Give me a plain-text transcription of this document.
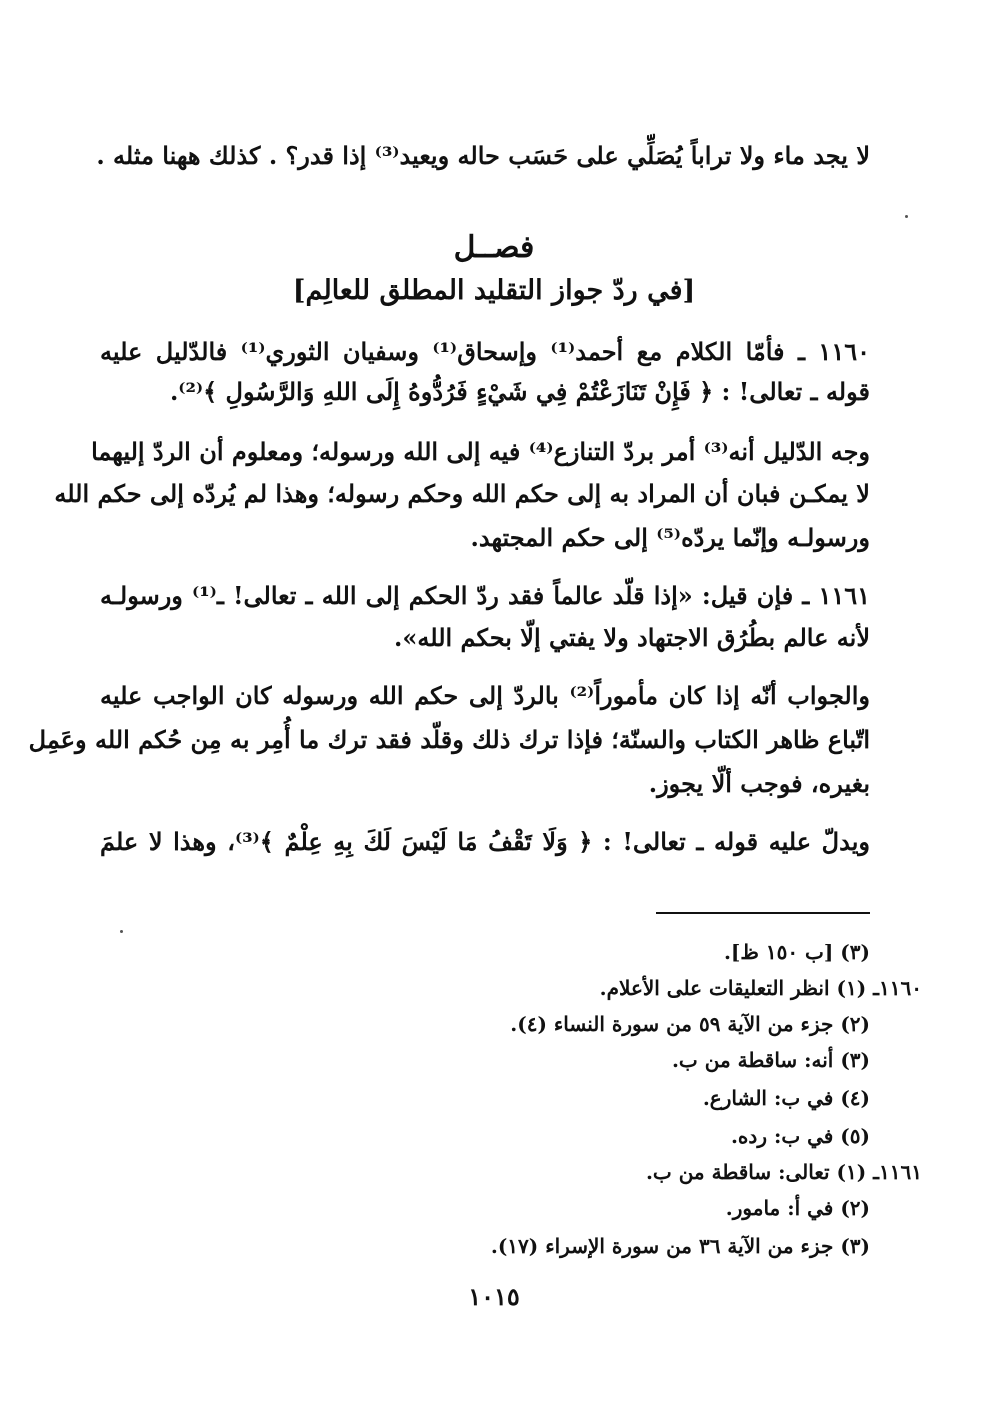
لا يجد ماء ولا تراباً يُصَلِّي على حَسَب حاله ويعيد⁽³⁾ إذا قدر؟ . كذلك ههنا مثله .
فصــل
[في ردّ جواز التقليد المطلق للعالِم]
١١٦٠ ـ فأمّا الكلام مع أحمد⁽¹⁾ وإسحاق⁽¹⁾ وسفيان الثوري⁽¹⁾ فالدّليل عليه
قوله ـ تعالى! : ﴿ فَإِنْ تَنَازَعْتُمْ فِي شَيْءٍ فَرُدُّوهُ إِلَى اللهِ وَالرَّسُولِ ﴾⁽²⁾.
وجه الدّليل أنه⁽³⁾ أمر بردّ التنازع⁽⁴⁾ فيه إلى الله ورسوله؛ ومعلوم أن الردّ إليهما
لا يمكـن فبان أن المراد به إلى حكم الله وحكم رسوله؛ وهذا لم يُردّه إلى حكم الله
ورسولـه وإنّما يردّه⁽⁵⁾ إلى حكم المجتهد.
١١٦١ ـ فإن قيل: «إذا قلّد عالماً فقد ردّ الحكم إلى الله ـ تعالى! ـ⁽¹⁾ ورسولـه
لأنه عالم بطُرُق الاجتهاد ولا يفتي إلّا بحكم الله».
والجواب أنّه إذا كان مأموراً⁽²⁾ بالردّ إلى حكم الله ورسوله كان الواجب عليه
اتّباع ظاهر الكتاب والسنّة؛ فإذا ترك ذلك وقلّد فقد ترك ما أُمِر به مِن حُكم الله وعَمِل
بغيره، فوجب ألّا يجوز.
ويدلّ عليه قوله ـ تعالى! : ﴿ وَلَا تَقْفُ مَا لَيْسَ لَكَ بِهِ عِلْمٌ ﴾⁽³⁾، وهذا لا علمَ
(٣) [ب ١٥٠ ظ].
١١٦٠ـ (١) انظر التعليقات على الأعلام.
(٢) جزء من الآية ٥٩ من سورة النساء (٤).
(٣) أنه: ساقطة من ب.
(٤) في ب: الشارع.
(٥) في ب: رده.
١١٦١ـ (١) تعالى: ساقطة من ب.
(٢) في أ: مامور.
(٣) جزء من الآية ٣٦ من سورة الإسراء (١٧).
١٠١٥
